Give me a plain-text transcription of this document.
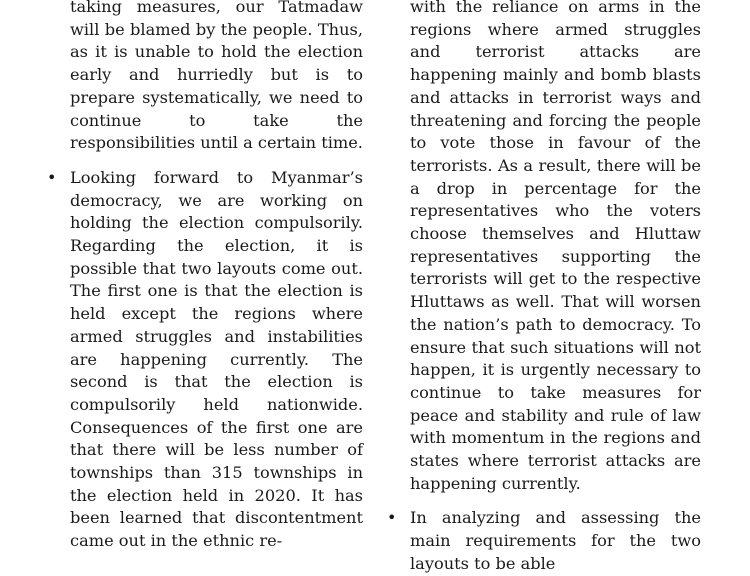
taking measures, our Tatmadaw will be blamed by the people. Thus, as it is unable to hold the election early and hurriedly but is to prepare systematically, we need to continue to take the responsibilities until a certain time.

• Looking forward to Myanmar’s democracy, we are working on holding the election compulsorily. Regarding the election, it is possible that two layouts come out. The first one is that the election is held except the regions where armed struggles and instabilities are happening currently. The second is that the election is compulsorily held nationwide. Consequences of the first one are that there will be less number of townships than 315 townships in the election held in 2020. It has been learned that discontentment came out in the ethnic re-

with the reliance on arms in the regions where armed struggles and terrorist attacks are happening mainly and bomb blasts and attacks in terrorist ways and threatening and forcing the people to vote those in favour of the terrorists. As a result, there will be a drop in percentage for the representatives who the voters choose themselves and Hluttaw representatives supporting the terrorists will get to the respective Hluttaws as well. That will worsen the nation’s path to democracy. To ensure that such situations will not happen, it is urgently necessary to continue to take measures for peace and stability and rule of law with momentum in the regions and states where terrorist attacks are happening currently.

• In analyzing and assessing the main requirements for the two layouts to be able
